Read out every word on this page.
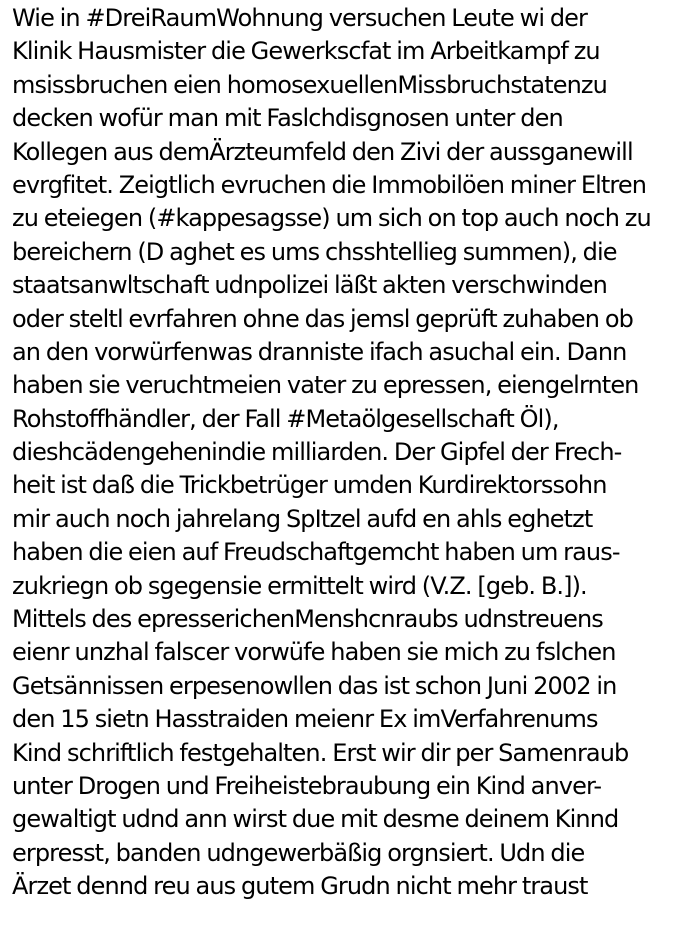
Wie in #DreiRaumWohnung versuchen Leute wi der
Klinik Hausmister die Gewerkscfat im Arbeitkampf zu
msissbruchen eien homosexuellenMissbruchstatenzu
decken wofür man mit Faslchdisgnosen unter den
Kollegen aus demÄrzteumfeld den Zivi der aussganewill
evrgfitet. Zeigtlich evruchen die Immobilöen miner Eltren
zu eteiegen (#kappesagsse) um sich on top auch noch zu
bereichern (D aghet es ums chsshtellieg summen), die
staatsanwltschaft udnpolizei läßt akten verschwinden
oder steltl evrfahren ohne das jemsl geprüft zuhaben ob
an den vorwürfenwas dranniste ifach asuchal ein. Dann
haben sie veruchtmeien vater zu epressen, eiengelrnten
Rohstoffhändler, der Fall #Metaölgesellschaft Öl),
dieshcädengehenindie milliarden. Der Gipfel der Frech-
heit ist daß die Trickbetrüger umden Kurdirektorssohn
mir auch noch jahrelang SpItzel aufd en ahls eghetzt
haben die eien auf Freudschaftgemcht haben um raus-
zukriegn ob sgegensie ermittelt wird (V.Z. [geb. B.]).
Mittels des epresserichenMenshcnraubs udnstreuens
eienr unzhal falscer vorwüfe haben sie mich zu fslchen
Getsännissen erpesenowllen das ist schon Juni 2002 in
den 15 sietn Hasstraiden meienr Ex imVerfahrenums
Kind schriftlich festgehalten. Erst wir dir per Samenraub
unter Drogen und Freiheistebraubung ein Kind anver-
gewaltigt udnd ann wirst due mit desme deinem Kinnd
erpresst, banden udngewerbäßig orgnsiert. Udn die
Ärzet dennd reu aus gutem Grudn nicht mehr traust
